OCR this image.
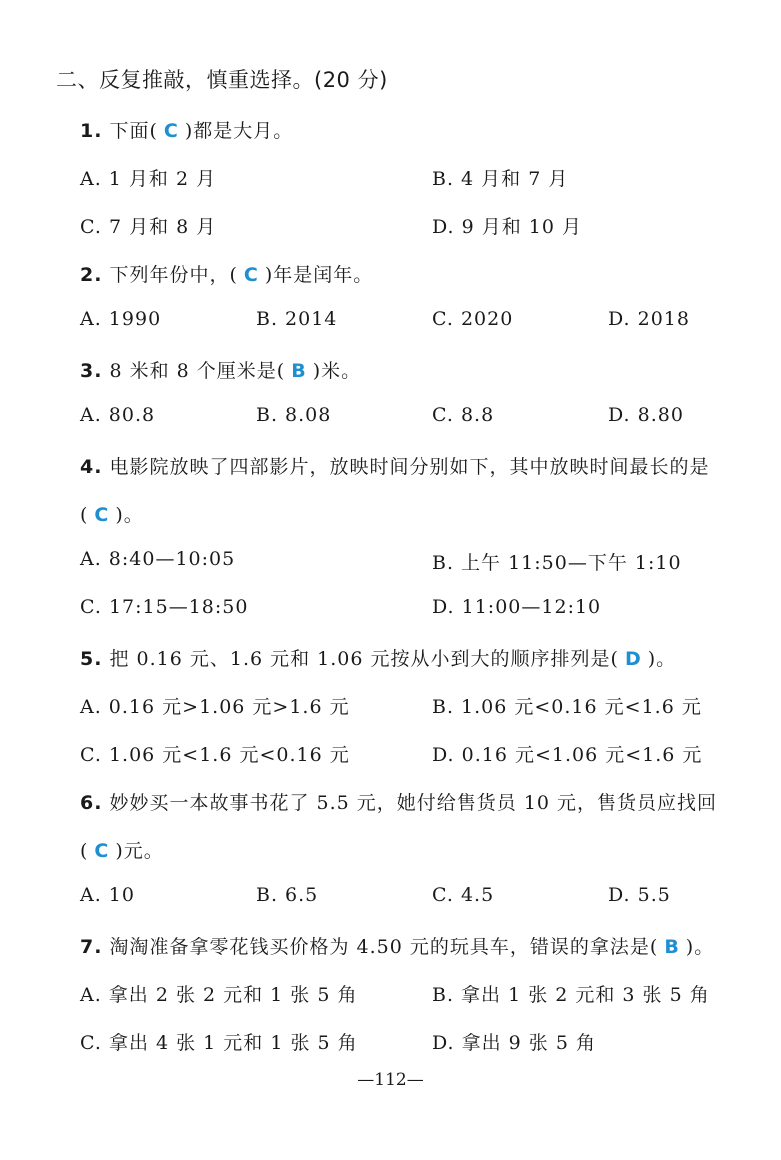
二、反复推敲，慎重选择。(20 分)
1. 下面( C )都是大月。
A. 1 月和 2 月	B. 4 月和 7 月
C. 7 月和 8 月	D. 9 月和 10 月
2. 下列年份中，( C )年是闰年。
A. 1990	B. 2014	C. 2020	D. 2018
3. 8 米和 8 个厘米是( B )米。
A. 80.8	B. 8.08	C. 8.8	D. 8.80
4. 电影院放映了四部影片，放映时间分别如下，其中放映时间最长的是
( C )。
A. 8:40—10:05	B. 上午 11:50—下午 1:10
C. 17:15—18:50	D. 11:00—12:10
5. 把 0.16 元、1.6 元和 1.06 元按从小到大的顺序排列是( D )。
A. 0.16 元>1.06 元>1.6 元	B. 1.06 元<0.16 元<1.6 元
C. 1.06 元<1.6 元<0.16 元	D. 0.16 元<1.06 元<1.6 元
6. 妙妙买一本故事书花了 5.5 元，她付给售货员 10 元，售货员应找回
( C )元。
A. 10	B. 6.5	C. 4.5	D. 5.5
7. 淘淘准备拿零花钱买价格为 4.50 元的玩具车，错误的拿法是( B )。
A. 拿出 2 张 2 元和 1 张 5 角	B. 拿出 1 张 2 元和 3 张 5 角
C. 拿出 4 张 1 元和 1 张 5 角	D. 拿出 9 张 5 角
—112—
